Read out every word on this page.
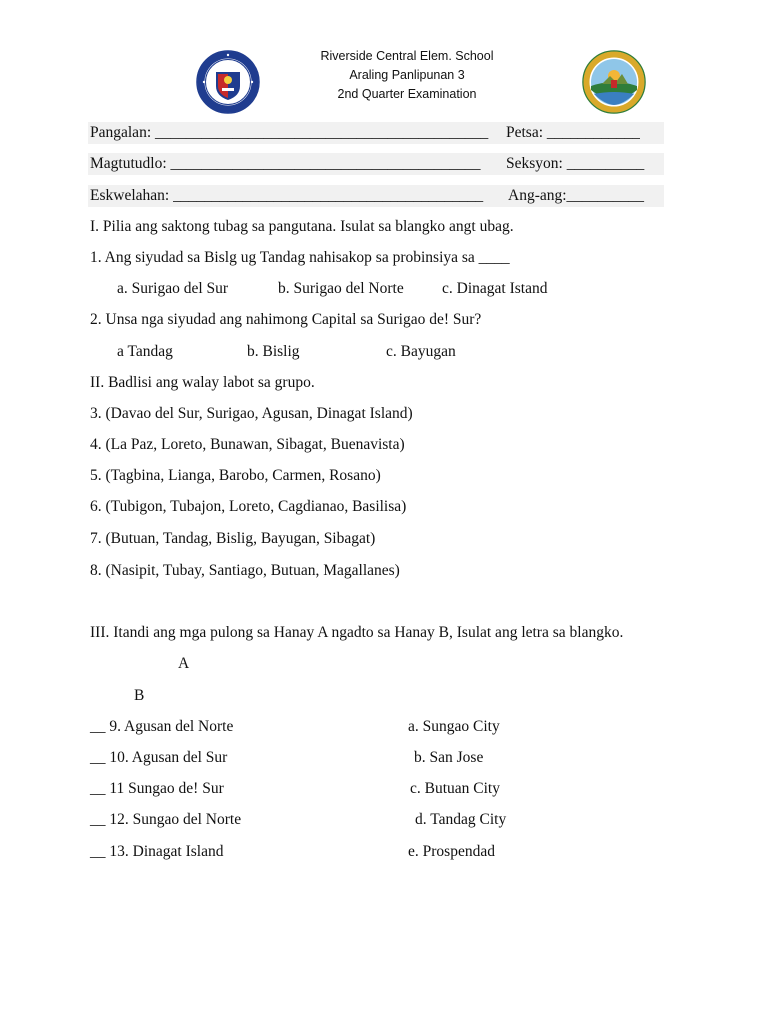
Riverside Central Elem. School
Araling Panlipunan 3
2nd Quarter Examination
Pangalan: ___________________________________________ Petsa: ____________
Magtutudlo: ________________________________________ Seksyon: __________
Eskwelahan: ________________________________________ Ang-ang:__________
I. Pilia ang saktong tubag sa pangutana. Isulat sa blangko angt ubag.
1. Ang siyudad sa Bislg ug Tandag nahisakop sa probinsiya sa ____
a. Surigao del Sur	b. Surigao del Norte c. Dinagat Istand
2. Unsa nga siyudad ang nahimong Capital sa Surigao de! Sur?
a Tandag	b. Bislig	c. Bayugan
II. Badlisi ang walay labot sa grupo.
3. (Davao del Sur, Surigao, Agusan, Dinagat Island)
4. (La Paz, Loreto, Bunawan, Sibagat, Buenavista)
5. (Tagbina, Lianga, Barobo, Carmen, Rosano)
6. (Tubigon, Tubajon, Loreto, Cagdianao, Basilisa)
7. (Butuan, Tandag, Bislig, Bayugan, Sibagat)
8. (Nasipit, Tubay, Santiago, Butuan, Magallanes)
III. Itandi ang mga pulong sa Hanay A ngadto sa Hanay B, Isulat ang letra sa blangko.
A
B
__ 9. Agusan del Norte	a. Sungao City
__ 10. Agusan del Sur	b. San Jose
__ 11 Sungao de! Sur	c. Butuan City
__ 12. Sungao del Norte	d. Tandag City
__ 13. Dinagat Island	e. Prospendad
